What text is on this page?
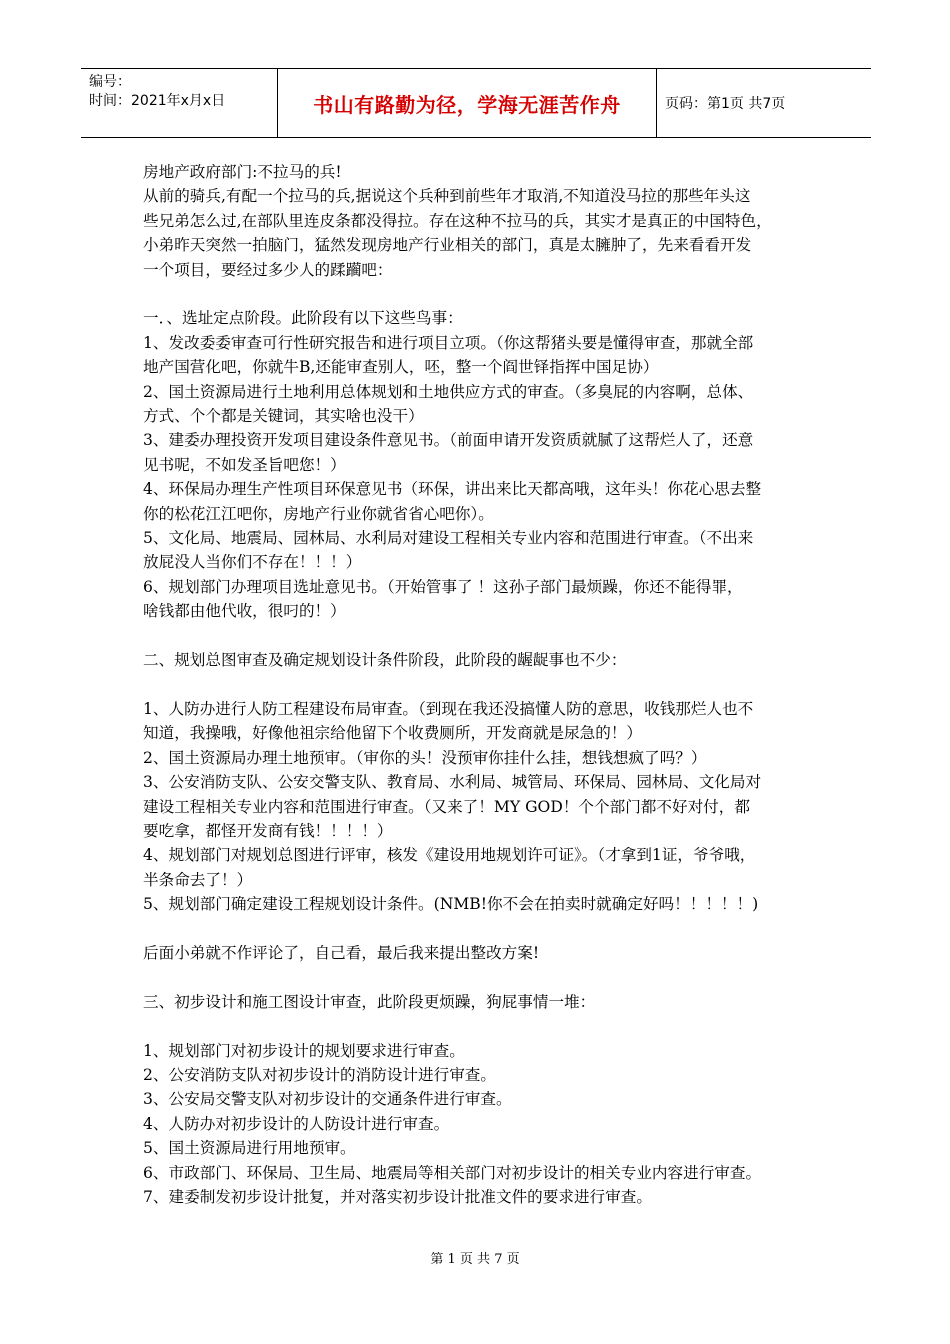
编号：
时间：2021年x月x日	书山有路勤为径，学海无涯苦作舟	页码：第1页 共7页

房地产政府部门:不拉马的兵!

从前的骑兵,有配一个拉马的兵,据说这个兵种到前些年才取消,不知道没马拉的那些年头这

些兄弟怎么过,在部队里连皮条都没得拉。存在这种不拉马的兵，其实才是真正的中国特色，

小弟昨天突然一拍脑门，猛然发现房地产行业相关的部门，真是太臃肿了，先来看看开发

一个项目，要经过多少人的蹂躏吧：

一．、选址定点阶段。此阶段有以下这些鸟事：

1、发改委委审查可行性研究报告和进行项目立项。（你这帮猪头要是懂得审查，那就全部

地产国营化吧，你就牛B,还能审查别人，呸，整一个阎世铎指挥中国足协）

2、国土资源局进行土地利用总体规划和土地供应方式的审查。（多臭屁的内容啊，总体、

方式、个个都是关键词，其实啥也没干）

3、建委办理投资开发项目建设条件意见书。（前面申请开发资质就腻了这帮烂人了，还意

见书呢，不如发圣旨吧您！）

4、环保局办理生产性项目环保意见书（环保，讲出来比天都高哦，这年头！你花心思去整

你的松花江江吧你，房地产行业你就省省心吧你）。

5、文化局、地震局、园林局、水利局对建设工程相关专业内容和范围进行审查。（不出来

放屁没人当你们不存在！！！）

6、规划部门办理项目选址意见书。（开始管事了 ！这孙子部门最烦躁，你还不能得罪，

啥钱都由他代收，很叼的！）

二、规划总图审查及确定规划设计条件阶段，此阶段的龌龊事也不少：

1、人防办进行人防工程建设布局审查。（到现在我还没搞懂人防的意思，收钱那烂人也不

知道，我操哦，好像他祖宗给他留下个收费厕所，开发商就是尿急的！）

2、国土资源局办理土地预审。（审你的头！没预审你挂什么挂，想钱想疯了吗？）

3、公安消防支队、公安交警支队、教育局、水利局、城管局、环保局、园林局、文化局对

建设工程相关专业内容和范围进行审查。（又来了！MY GOD！个个部门都不好对付，都

要吃拿，都怪开发商有钱！！！！）

4、规划部门对规划总图进行评审，核发《建设用地规划许可证》。（才拿到1证，爷爷哦，

半条命去了！）

5、规划部门确定建设工程规划设计条件。(NMB!你不会在拍卖时就确定好吗！！！！！)

后面小弟就不作评论了，自己看，最后我来提出整改方案!

三、初步设计和施工图设计审查，此阶段更烦躁，狗屁事情一堆：

1、规划部门对初步设计的规划要求进行审查。

2、公安消防支队对初步设计的消防设计进行审查。

3、公安局交警支队对初步设计的交通条件进行审查。

4、人防办对初步设计的人防设计进行审查。

5、国土资源局进行用地预审。

6、市政部门、环保局、卫生局、地震局等相关部门对初步设计的相关专业内容进行审查。

7、建委制发初步设计批复，并对落实初步设计批准文件的要求进行审查。

第 1 页 共 7 页
